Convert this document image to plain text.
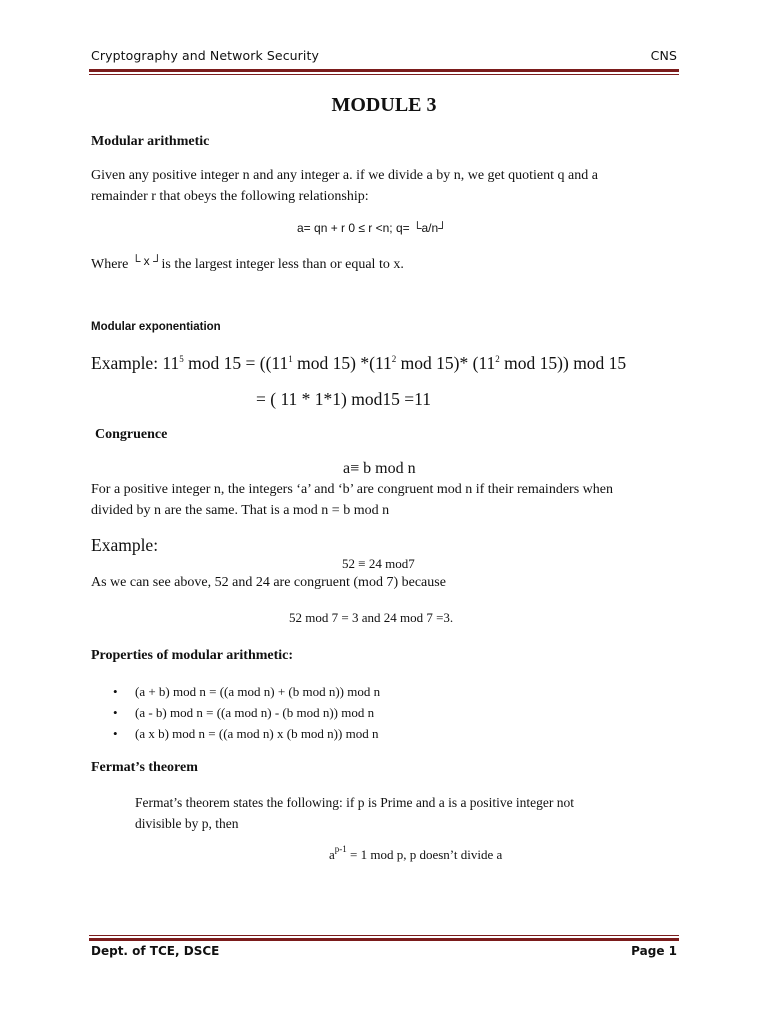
Cryptography and Network Security	CNS
MODULE 3
Modular arithmetic
Given any positive integer n and any integer a. if we divide a by n, we get quotient q and a
remainder r that obeys the following relationship:
a= qn + r 0 ≤ r <n; q= └a/n┘
Where └ x ┘is the largest integer less than or equal to x.
Modular exponentiation
Example: $11^5$ mod $15 = ((11^1$ mod 15) $*(11^2$ mod 15)* ($11^2$ mod 15)) mod 15
= ( 11 * 1*1) mod15 =11
Congruence
a≡ b mod n
For a positive integer n, the integers ‘a’ and ‘b’ are congruent mod n if their remainders when
divided by n are the same. That is a mod n = b mod n
Example:
52 ≡ 24 mod7
As we can see above, 52 and 24 are congruent (mod 7) because
52 mod 7 = 3 and 24 mod 7 =3.
Properties of modular arithmetic:
• (a + b) mod n = ((a mod n) + (b mod n)) mod n
• (a - b) mod n = ((a mod n) - (b mod n)) mod n
• (a x b) mod n = ((a mod n) x (b mod n)) mod n
Fermat’s theorem
Fermat’s theorem states the following: if p is Prime and a is a positive integer not
divisible by p, then
$a^{p-1} = 1$ mod p, p doesn’t divide a
Dept. of TCE, DSCE	Page 1
